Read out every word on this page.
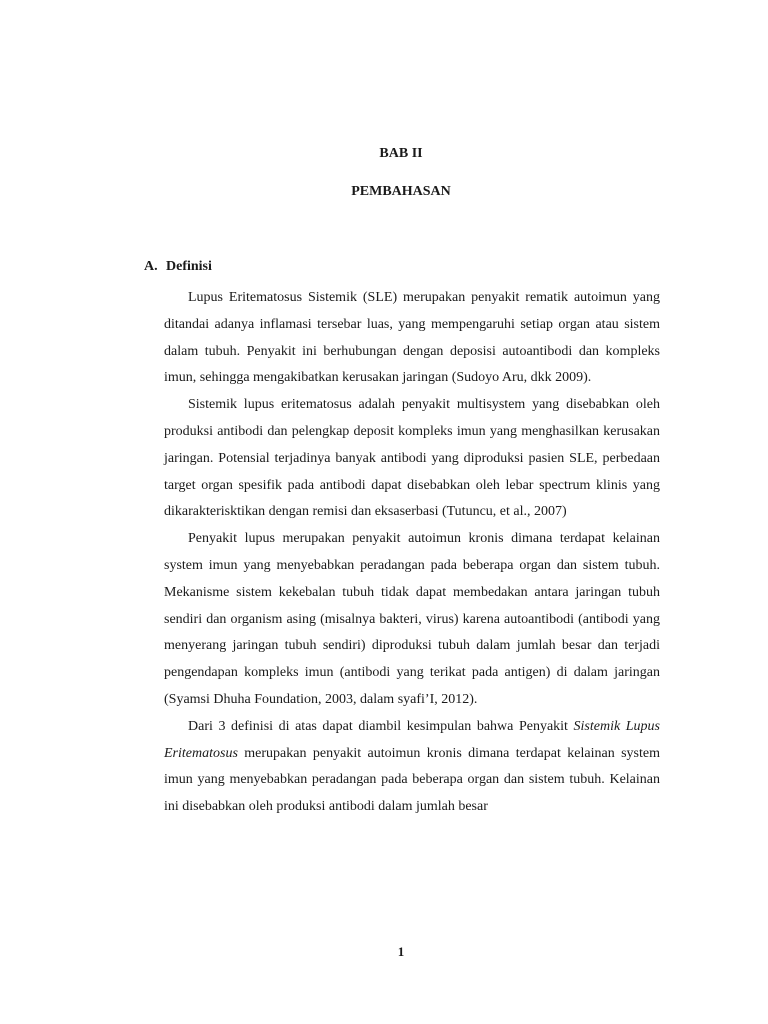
BAB II
PEMBAHASAN
A. Definisi

Lupus Eritematosus Sistemik (SLE) merupakan penyakit rematik autoimun yang ditandai adanya inflamasi tersebar luas, yang mempengaruhi setiap organ atau sistem dalam tubuh. Penyakit ini berhubungan dengan deposisi autoantibodi dan kompleks imun, sehingga mengakibatkan kerusakan jaringan (Sudoyo Aru, dkk 2009).

Sistemik lupus eritematosus adalah penyakit multisystem yang disebabkan oleh produksi antibodi dan pelengkap deposit kompleks imun yang menghasilkan kerusakan jaringan. Potensial terjadinya banyak antibodi yang diproduksi pasien SLE, perbedaan target organ spesifik pada antibodi dapat disebabkan oleh lebar spectrum klinis yang dikarakterisktikan dengan remisi dan eksaserbasi (Tutuncu, et al., 2007)

Penyakit lupus merupakan penyakit autoimun kronis dimana terdapat kelainan system imun yang menyebabkan peradangan pada beberapa organ dan sistem tubuh. Mekanisme sistem kekebalan tubuh tidak dapat membedakan antara jaringan tubuh sendiri dan organism asing (misalnya bakteri, virus) karena autoantibodi (antibodi yang menyerang jaringan tubuh sendiri) diproduksi tubuh dalam jumlah besar dan terjadi pengendapan kompleks imun (antibodi yang terikat pada antigen) di dalam jaringan (Syamsi Dhuha Foundation, 2003, dalam syafi’I, 2012).

Dari 3 definisi di atas dapat diambil kesimpulan bahwa Penyakit Sistemik Lupus Eritematosus merupakan penyakit autoimun kronis dimana terdapat kelainan system imun yang menyebabkan peradangan pada beberapa organ dan sistem tubuh. Kelainan ini disebabkan oleh produksi antibodi dalam jumlah besar

1
